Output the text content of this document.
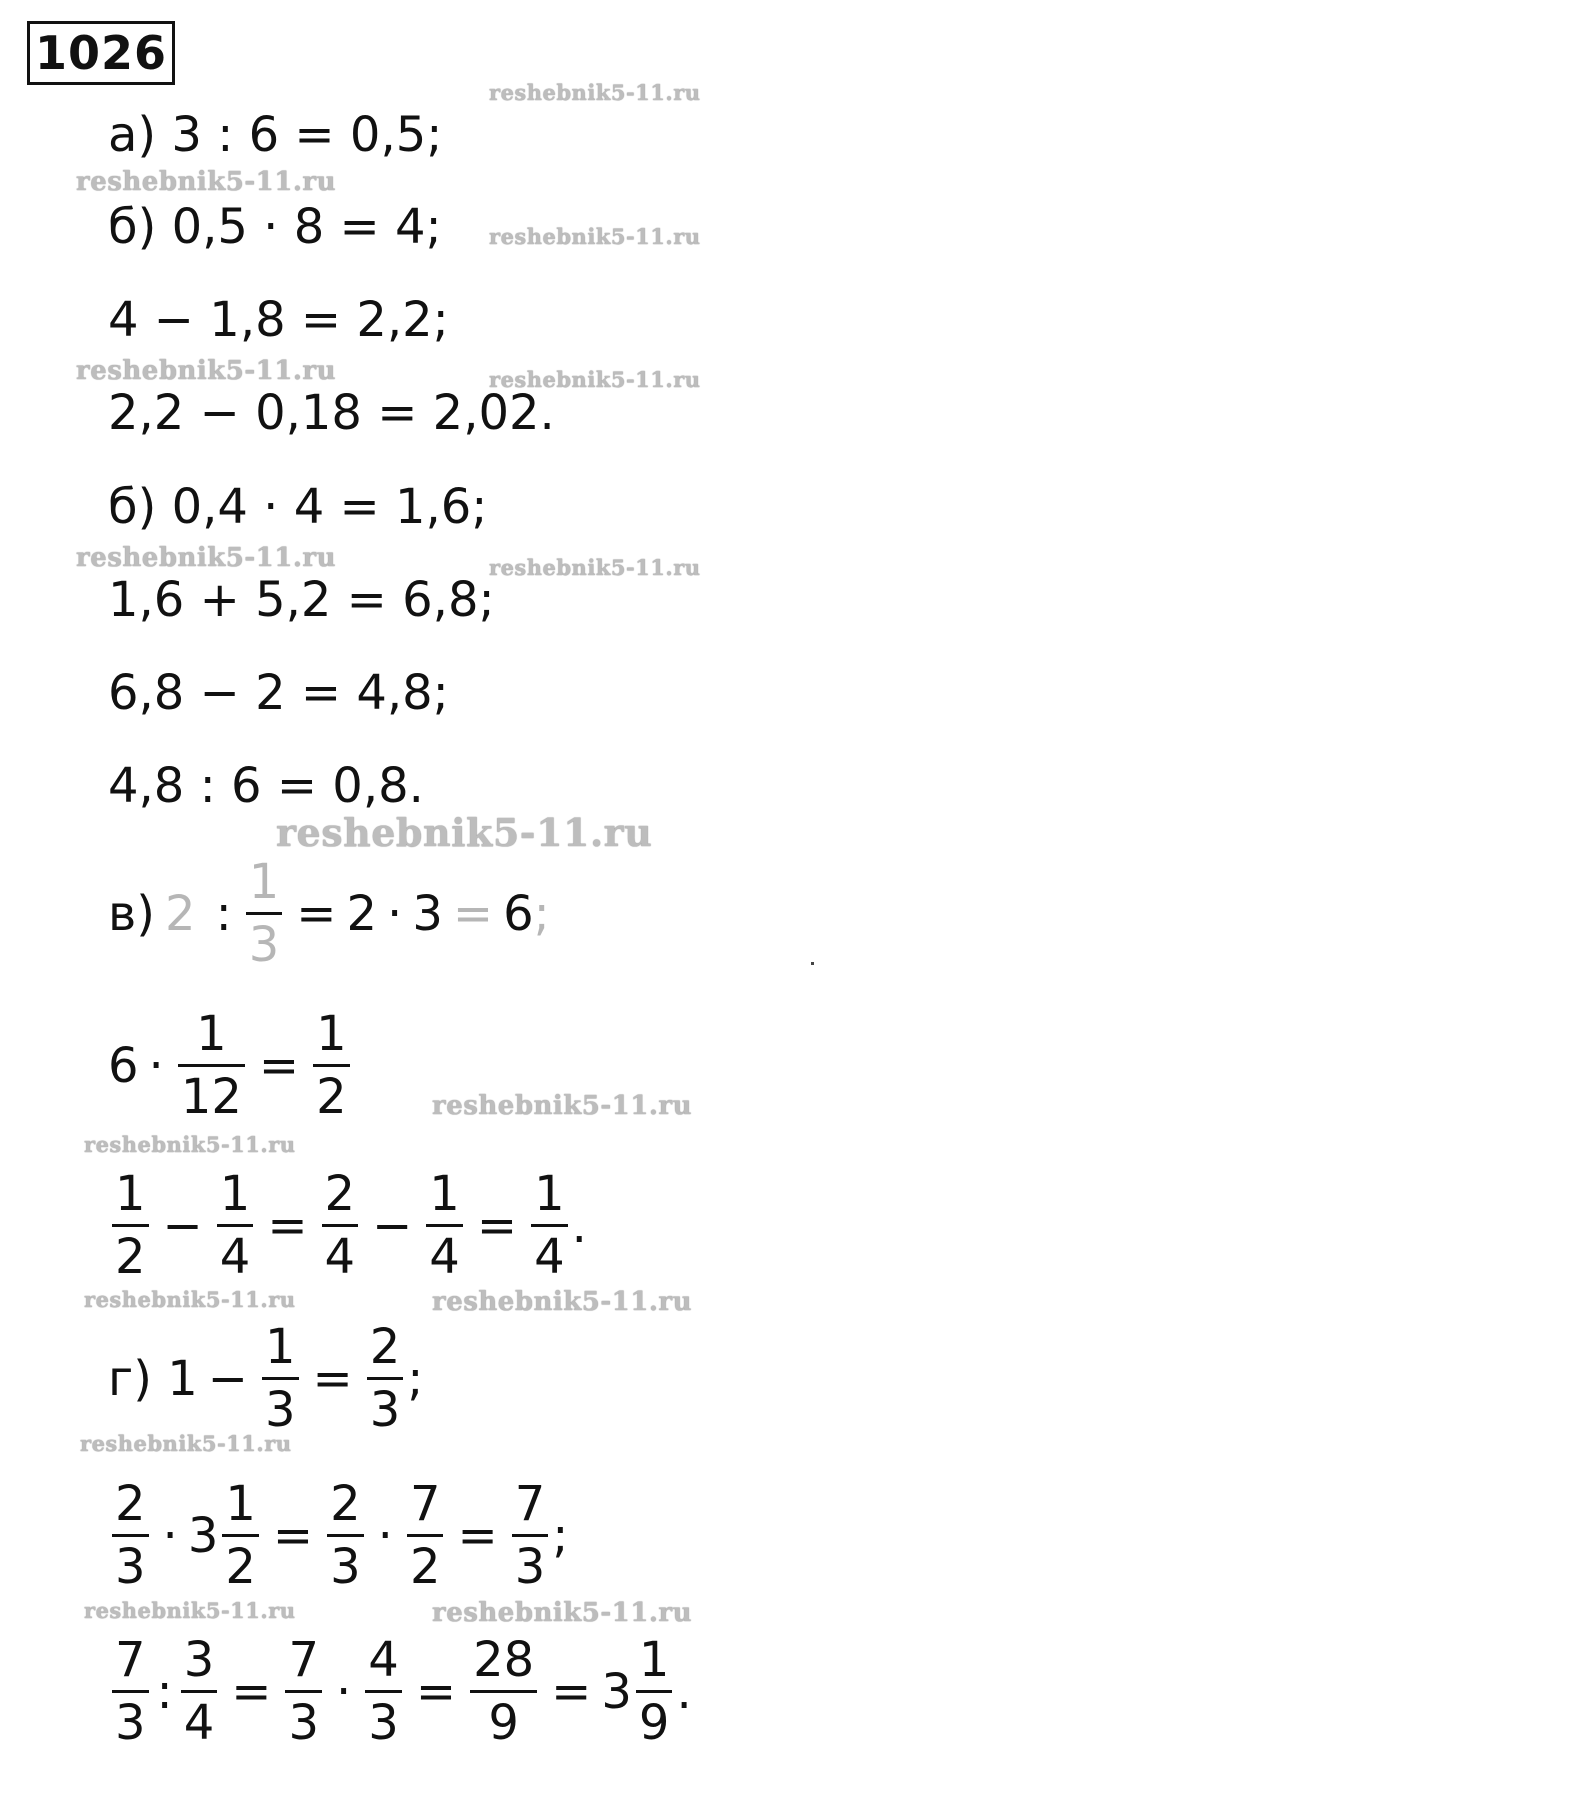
1026
reshebnik5-11.ru
reshebnik5-11.ru
reshebnik5-11.ru
reshebnik5-11.ru	reshebnik5-11.ru
reshebnik5-11.ru	reshebnik5-11.ru
reshebnik5-11.ru
reshebnik5-11.ru
reshebnik5-11.ru
reshebnik5-11.ru	reshebnik5-11.ru
reshebnik5-11.ru
reshebnik5-11.ru	reshebnik5-11.ru
а) 3 : 6 = 0,5;
б) 0,5 · 8 = 4;
4 − 1,8 = 2,2;
2,2 − 0,18 = 2,02.
б) 0,4 · 4 = 1,6;
1,6 + 5,2 = 6,8;
6,8 − 2 = 4,8;
4,8 : 6 = 0,8.
в) 2 : $\frac{1}{3} = 2 \cdot 3 = 6$ ;
$6 \cdot \frac{1}{12} = \frac{1}{2}$
$\frac{1}{2} - \frac{1}{4} = \frac{2}{4} - \frac{1}{4} = \frac{1}{4}$ .
г) $1 - \frac{1}{3} = \frac{2}{3}$ ;
$\frac{2}{3} \cdot 3 \frac{1}{2} = \frac{2}{3} \cdot \frac{7}{2} = \frac{7}{3}$ ;
$\frac{7}{3}$ : $\frac{3}{4} = \frac{7}{3} \cdot \frac{4}{3} = \frac{28}{9} = 3 \frac{1}{9}$ .
